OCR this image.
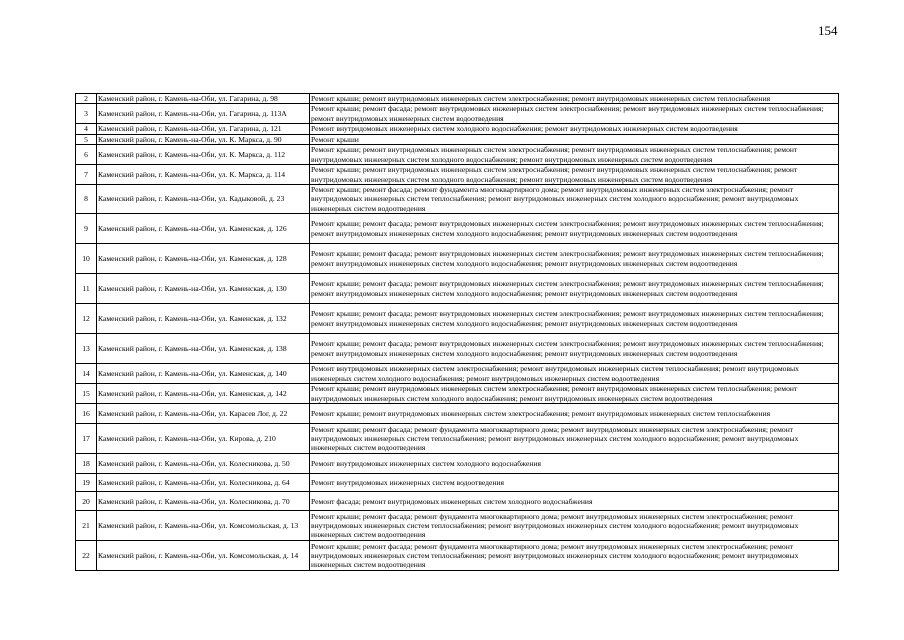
154
2	Каменский район, г. Камень-на-Оби, ул. Гагарина, д. 98	Ремонт крыши; ремонт внутридомовых инженерных систем электроснабжения; ремонт внутридомовых инженерных систем теплоснабжения
3	Каменский район, г. Камень-на-Оби, ул. Гагарина, д. 113А	Ремонт крыши; ремонт фасада; ремонт внутридомовых инженерных систем электроснабжения; ремонт внутридомовых инженерных систем теплоснабжения; ремонт внутридомовых инженерных систем водоотведения
4	Каменский район, г. Камень-на-Оби, ул. Гагарина, д. 121	Ремонт внутридомовых инженерных систем холодного водоснабжения; ремонт внутридомовых инженерных систем водоотведения
5	Каменский район, г. Камень-на-Оби, ул. К. Маркса, д. 90	Ремонт крыши
6	Каменский район, г. Камень-на-Оби, ул. К. Маркса, д. 112	Ремонт крыши; ремонт внутридомовых инженерных систем электроснабжения; ремонт внутридомовых инженерных систем теплоснабжения; ремонт внутридомовых инженерных систем холодного водоснабжения; ремонт внутридомовых инженерных систем водоотведения
7	Каменский район, г. Камень-на-Оби, ул. К. Маркса, д. 114	Ремонт крыши; ремонт внутридомовых инженерных систем электроснабжения; ремонт внутридомовых инженерных систем теплоснабжения; ремонт внутридомовых инженерных систем холодного водоснабжения; ремонт внутридомовых инженерных систем водоотведения
8	Каменский район, г. Камень-на-Оби, ул. Кадыковой, д. 23	Ремонт крыши; ремонт фасада; ремонт фундамента многоквартирного дома; ремонт внутридомовых инженерных систем электроснабжения; ремонт внутридомовых инженерных систем теплоснабжения; ремонт внутридомовых инженерных систем холодного водоснабжения; ремонт внутридомовых инженерных систем водоотведения
9	Каменский район, г. Камень-на-Оби, ул. Каменская, д. 126	Ремонт крыши; ремонт фасада; ремонт внутридомовых инженерных систем электроснабжения; ремонт внутридомовых инженерных систем теплоснабжения; ремонт внутридомовых инженерных систем холодного водоснабжения; ремонт внутридомовых инженерных систем водоотведения
10	Каменский район, г. Камень-на-Оби, ул. Каменская, д. 128	Ремонт крыши; ремонт фасада; ремонт внутридомовых инженерных систем электроснабжения; ремонт внутридомовых инженерных систем теплоснабжения; ремонт внутридомовых инженерных систем холодного водоснабжения; ремонт внутридомовых инженерных систем водоотведения
11	Каменский район, г. Камень-на-Оби, ул. Каменская, д. 130	Ремонт крыши; ремонт фасада; ремонт внутридомовых инженерных систем электроснабжения; ремонт внутридомовых инженерных систем теплоснабжения; ремонт внутридомовых инженерных систем холодного водоснабжения; ремонт внутридомовых инженерных систем водоотведения
12	Каменский район, г. Камень-на-Оби, ул. Каменская, д. 132	Ремонт крыши; ремонт фасада; ремонт внутридомовых инженерных систем электроснабжения; ремонт внутридомовых инженерных систем теплоснабжения; ремонт внутридомовых инженерных систем холодного водоснабжения; ремонт внутридомовых инженерных систем водоотведения
13	Каменский район, г. Камень-на-Оби, ул. Каменская, д. 138	Ремонт крыши; ремонт фасада; ремонт внутридомовых инженерных систем электроснабжения; ремонт внутридомовых инженерных систем теплоснабжения; ремонт внутридомовых инженерных систем холодного водоснабжения; ремонт внутридомовых инженерных систем водоотведения
14	Каменский район, г. Камень-на-Оби, ул. Каменская, д. 140	Ремонт внутридомовых инженерных систем электроснабжения; ремонт внутридомовых инженерных систем теплоснабжения; ремонт внутридомовых инженерных систем холодного водоснабжения; ремонт внутридомовых инженерных систем водоотведения
15	Каменский район, г. Камень-на-Оби, ул. Каменская, д. 142	Ремонт крыши; ремонт внутридомовых инженерных систем электроснабжения; ремонт внутридомовых инженерных систем теплоснабжения; ремонт внутридомовых инженерных систем холодного водоснабжения; ремонт внутридомовых инженерных систем водоотведения
16	Каменский район, г. Камень-на-Оби, ул. Карасев Лог, д. 22	Ремонт крыши; ремонт внутридомовых инженерных систем электроснабжения; ремонт внутридомовых инженерных систем теплоснабжения
17	Каменский район, г. Камень-на-Оби, ул. Кирова, д. 210	Ремонт крыши; ремонт фасада; ремонт фундамента многоквартирного дома; ремонт внутридомовых инженерных систем электроснабжения; ремонт внутридомовых инженерных систем теплоснабжения; ремонт внутридомовых инженерных систем холодного водоснабжения; ремонт внутридомовых инженерных систем водоотведения
18	Каменский район, г. Камень-на-Оби, ул. Колесникова, д. 50	Ремонт внутридомовых инженерных систем холодного водоснабжения
19	Каменский район, г. Камень-на-Оби, ул. Колесникова, д. 64	Ремонт внутридомовых инженерных систем водоотведения
20	Каменский район, г. Камень-на-Оби, ул. Колесникова, д. 70	Ремонт фасада; ремонт внутридомовых инженерных систем холодного водоснабжения
21	Каменский район, г. Камень-на-Оби, ул. Комсомольская, д. 13	Ремонт крыши; ремонт фасада; ремонт фундамента многоквартирного дома; ремонт внутридомовых инженерных систем электроснабжения; ремонт внутридомовых инженерных систем теплоснабжения; ремонт внутридомовых инженерных систем холодного водоснабжения; ремонт внутридомовых инженерных систем водоотведения
22	Каменский район, г. Камень-на-Оби, ул. Комсомольская, д. 14	Ремонт крыши; ремонт фасада; ремонт фундамента многоквартирного дома; ремонт внутридомовых инженерных систем электроснабжения; ремонт внутридомовых инженерных систем теплоснабжения; ремонт внутридомовых инженерных систем холодного водоснабжения; ремонт внутридомовых инженерных систем водоотведения
